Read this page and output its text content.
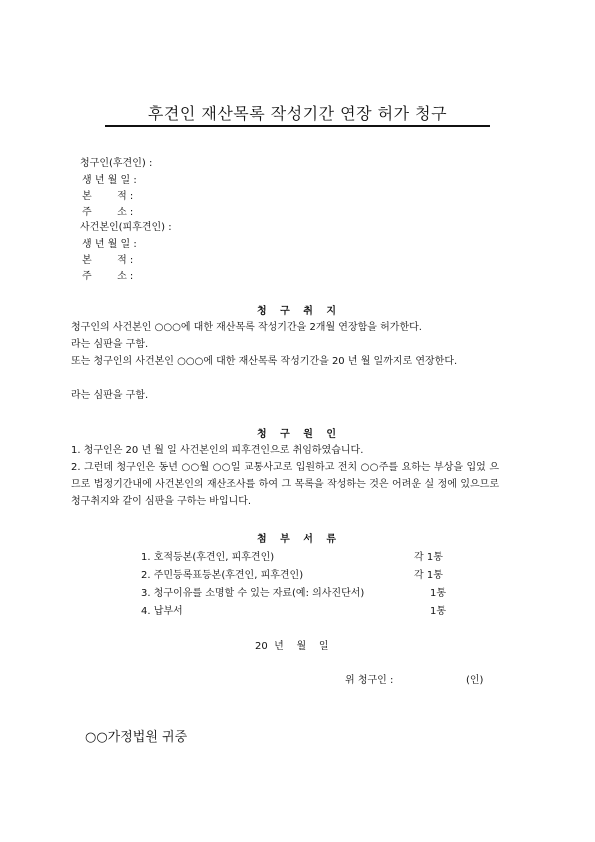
후견인 재산목록 작성기간 연장 허가 청구
청구인(후견인) :
생 년 월 일 :
본        적 :
주        소 :
사건본인(피후견인) :
생 년 월 일 :
본        적 :
주        소 :
청 구 취 지
청구인의 사건본인 ○○○에 대한 재산목록 작성기간을 2개월 연장함을 허가한다.
라는 심판을 구함.
또는 청구인의 사건본인 ○○○에 대한 재산목록 작성기간을 20 년 월 일까지로 연장한다.
라는 심판을 구함.
청 구 원 인
1. 청구인은 20 년 월 일 사건본인의 피후견인으로 취임하였습니다.
2. 그런데 청구인은 동년 ○○월 ○○일 교통사고로 입원하고 전치 ○○주를 요하는 부상을 입었 으므로 법정기간내에 사건본인의 재산조사를 하여 그 목록을 작성하는 것은 어려운 실 정에 있으므로 청구취지와 같이 심판을 구하는 바입니다.
첨 부 서 류
1. 호적등본(후견인, 피후견인)	각 1통
2. 주민등록표등본(후견인, 피후견인)	각 1통
3. 청구이유를 소명할 수 있는 자료(예: 의사진단서)	1통
4. 납부서	1통
20  년    월    일
위 청구인 :	(인)
○○가정법원 귀중
